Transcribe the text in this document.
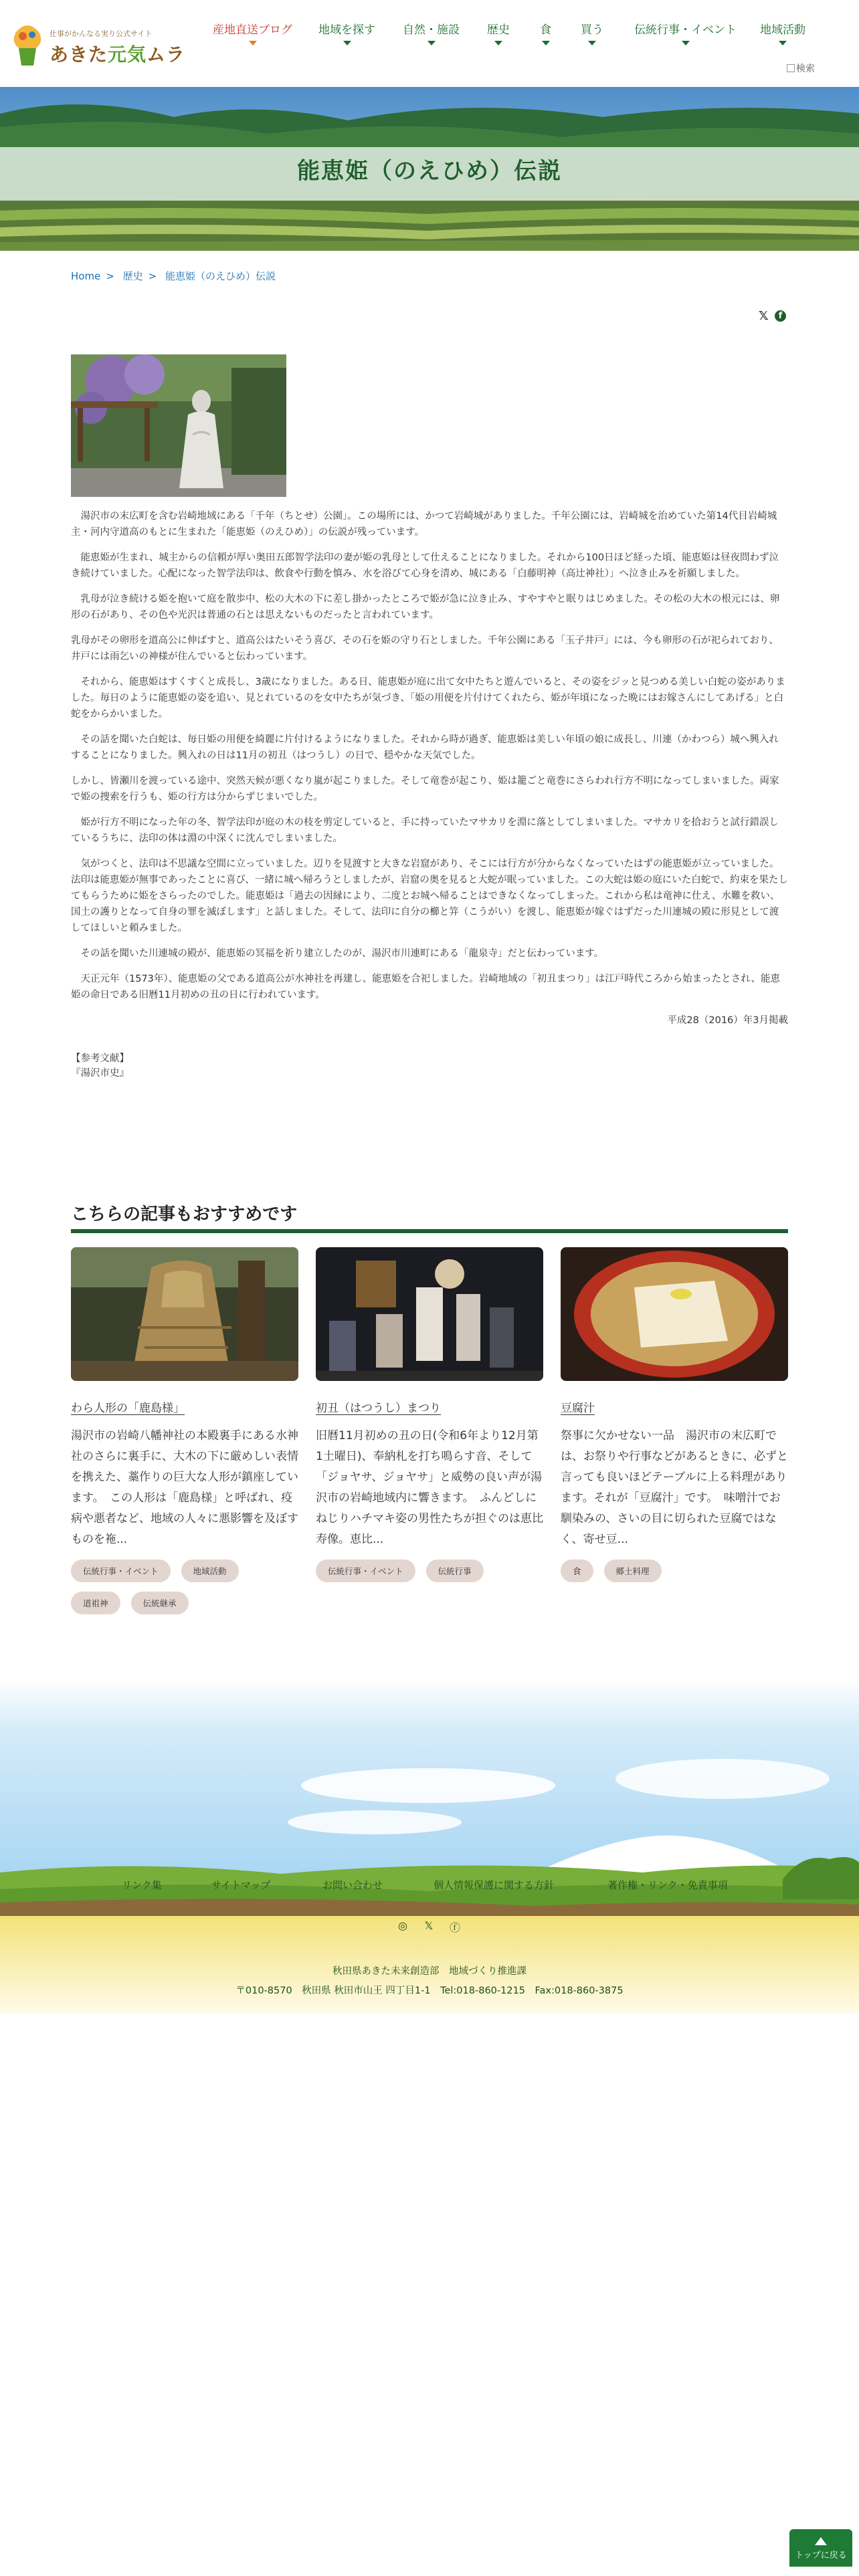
仕事がかんなる実り公式サイト
あきた元気ムラ
産地直送ブログ 地域を探す 自然・施設 歴史	食	買う	伝統行事・イベント 地域活動
検索
能恵姫（のえひめ）伝説
Home > 歴史 > 能恵姫（のえひめ）伝説
𝕏	f

湯沢市の末広町を含む岩崎地域にある「千年（ちとせ）公園」。この場所には、かつて岩崎城がありました。千年公園には、岩崎城を治めていた第14代目岩崎城主・河内守道高のもとに生まれた「能恵姫（のえひめ）」の伝説が残っています。

能恵姫が生まれ、城主からの信頼が厚い奥田五郎智学法印の妻が姫の乳母として仕えることになりました。それから100日ほど経った頃、能恵姫は昼夜問わず泣き続けていました。心配になった智学法印は、飲食や行動を慎み、水を浴びて心身を清め、城にある「白藤明神（高辻神社）」へ泣き止みを祈願しました。

乳母が泣き続ける姫を抱いて庭を散歩中、松の大木の下に差し掛かったところで姫が急に泣き止み、すやすやと眠りはじめました。その松の大木の根元には、卵形の石があり、その色や光沢は普通の石とは思えないものだったと言われています。

乳母がその卵形を道高公に伸ばすと、道高公はたいそう喜び、その石を姫の守り石としました。千年公園にある「玉子井戸」には、今も卵形の石が祀られており、井戸には雨乞いの神様が住んでいると伝わっています。

それから、能恵姫はすくすくと成長し、3歳になりました。ある日、能恵姫が庭に出て女中たちと遊んでいると、その姿をジッと見つめる美しい白蛇の姿がありました。毎日のように能恵姫の姿を追い、見とれているのを女中たちが気づき、「姫の用便を片付けてくれたら、姫が年頃になった晩にはお嫁さんにしてあげる」と白蛇をからかいました。

その話を聞いた白蛇は、毎日姫の用便を綺麗に片付けるようになりました。それから時が過ぎ、能恵姫は美しい年頃の娘に成長し、川連（かわつら）城へ興入れすることになりました。興入れの日は11月の初丑（はつうし）の日で、穏やかな天気でした。

しかし、皆瀬川を渡っている途中、突然天候が悪くなり嵐が起こりました。そして竜巻が起こり、姫は籠ごと竜巻にさらわれ行方不明になってしまいました。両家で姫の捜索を行うも、姫の行方は分からずじまいでした。

姫が行方不明になった年の冬、智学法印が庭の木の枝を剪定していると、手に持っていたマサカリを淵に落としてしまいました。マサカリを拾おうと試行錯誤しているうちに、法印の体は淵の中深くに沈んでしまいました。

気がつくと、法印は不思議な空間に立っていました。辺りを見渡すと大きな岩窟があり、そこには行方が分からなくなっていたはずの能恵姫が立っていました。法印は能恵姫が無事であったことに喜び、一緒に城へ帰ろうとしましたが、岩窟の奥を見ると大蛇が眠っていました。この大蛇は姫の庭にいた白蛇で、約束を果たしてもらうために姫をさらったのでした。能恵姫は「過去の因縁により、二度とお城へ帰ることはできなくなってしまった。これから私は竜神に仕え、水難を救い、国土の護りとなって自身の罪を滅ぼします」と話しました。そして、法印に自分の櫛と笄（こうがい）を渡し、能恵姫が嫁ぐはずだった川連城の殿に形見として渡してほしいと頼みました。

その話を聞いた川連城の殿が、能恵姫の冥福を祈り建立したのが、湯沢市川連町にある「龍泉寺」だと伝わっています。

天正元年（1573年）、能恵姫の父である道高公が水神社を再建し、能恵姫を合祀しました。岩崎地域の「初丑まつり」は江戸時代ころから始まったとされ、能恵姫の命日である旧暦11月初めの丑の日に行われています。

平成28（2016）年3月掲載
【参考文献】
『湯沢市史』
こちらの記事もおすすめです
わら人形の「鹿島様」
湯沢市の岩崎八幡神社の本殿裏手にある水神社のさらに裏手に、大木の下に厳めしい表情を携えた、藁作りの巨大な人形が鎮座しています。　この人形は「鹿島様」と呼ばれ、疫病や悪者など、地域の人々に悪影響を及ぼすものを袘...
伝統行事・イベント	地域活動道祖神	伝統継承
初丑（はつうし）まつり
旧暦11月初めの丑の日(令和6年より12月第1土曜日)、奉納札を打ち鳴らす音、そして「ジョヤサ、ジョヤサ」と威勢の良い声が湯沢市の岩崎地域内に響きます。　ふんどしにねじりハチマキ姿の男性たちが担ぐのは恵比寿像。恵比...
伝統行事・イベント	伝統行事
豆腐汁
祭事に欠かせない一品　湯沢市の末広町では、お祭りや行事などがあるときに、必ずと言っても良いほどテーブルに上る料理があります。それが「豆腐汁」です。　味噌汁でお馴染みの、さいの目に切られた豆腐ではなく、寄せ豆...
食	郷土料理
リンク集	サイトマップ	お問い合わせ	個人情報保護に関する方針	著作権・リンク・免責事項
◎ 𝕏 ⓕ
秋田県あきた未来創造部　地域づくり推進課
〒010-8570　秋田県 秋田市山王 四丁目1-1　Tel:018-860-1215　Fax:018-860-3875
トップに戻る
